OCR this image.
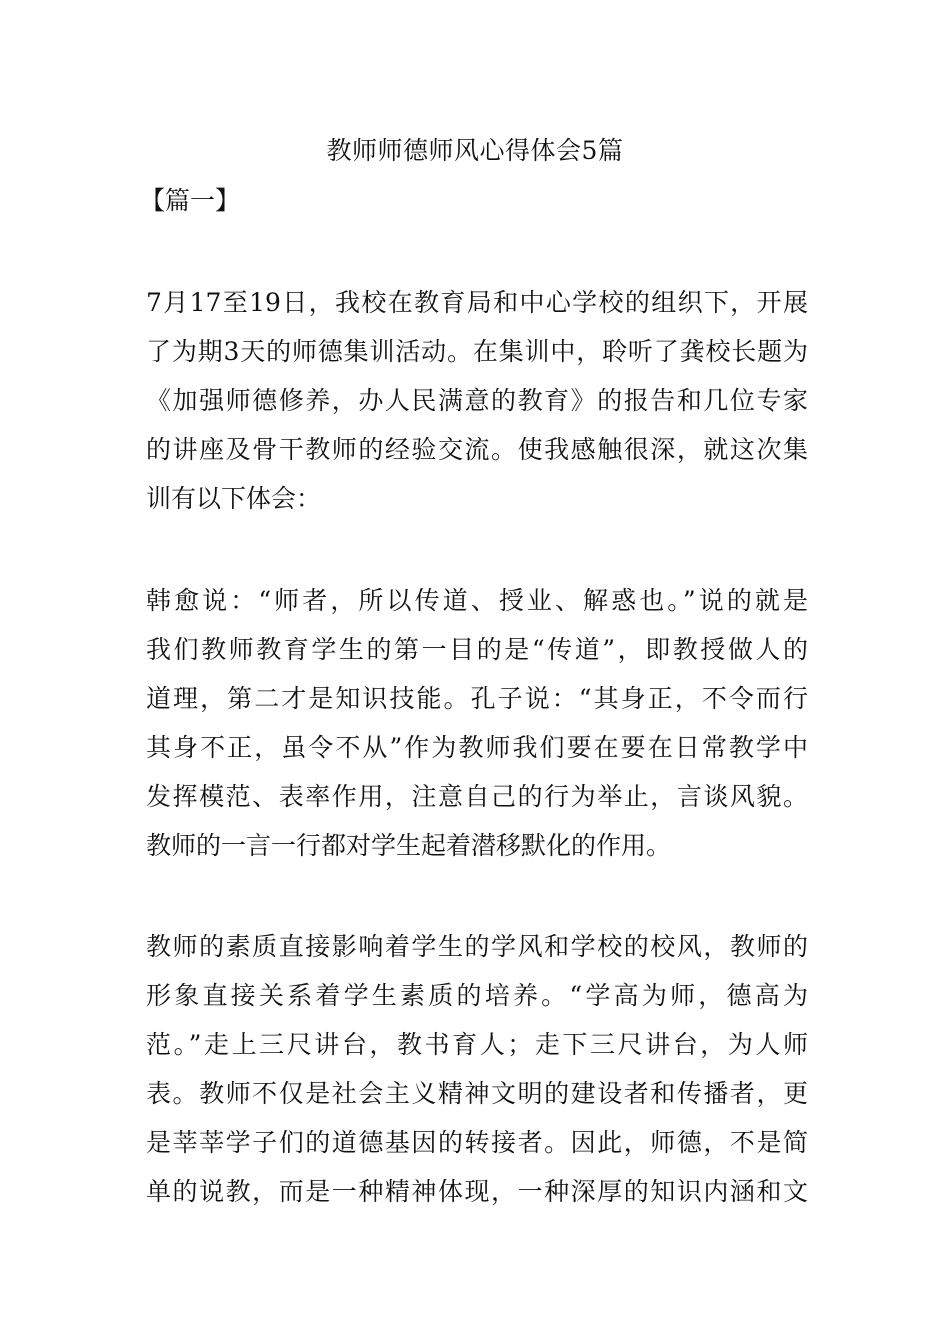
教师师德师风心得体会5篇
【篇一】
7月17至19日，我校在教育局和中心学校的组织下，开展
了为期3天的师德集训活动。在集训中，聆听了龚校长题为
《加强师德修养，办人民满意的教育》的报告和几位专家
的讲座及骨干教师的经验交流。使我感触很深，就这次集
训有以下体会：
韩愈说：“师者，所以传道、授业、解惑也。”说的就是
我们教师教育学生的第一目的是“传道”，即教授做人的
道理，第二才是知识技能。孔子说：“其身正，不令而行
其身不正，虽令不从”作为教师我们要在要在日常教学中
发挥模范、表率作用，注意自己的行为举止，言谈风貌。
教师的一言一行都对学生起着潜移默化的作用。
教师的素质直接影响着学生的学风和学校的校风，教师的
形象直接关系着学生素质的培养。“学高为师，德高为
范。”走上三尺讲台，教书育人；走下三尺讲台，为人师
表。教师不仅是社会主义精神文明的建设者和传播者，更
是莘莘学子们的道德基因的转接者。因此，师德，不是简
单的说教，而是一种精神体现，一种深厚的知识内涵和文
